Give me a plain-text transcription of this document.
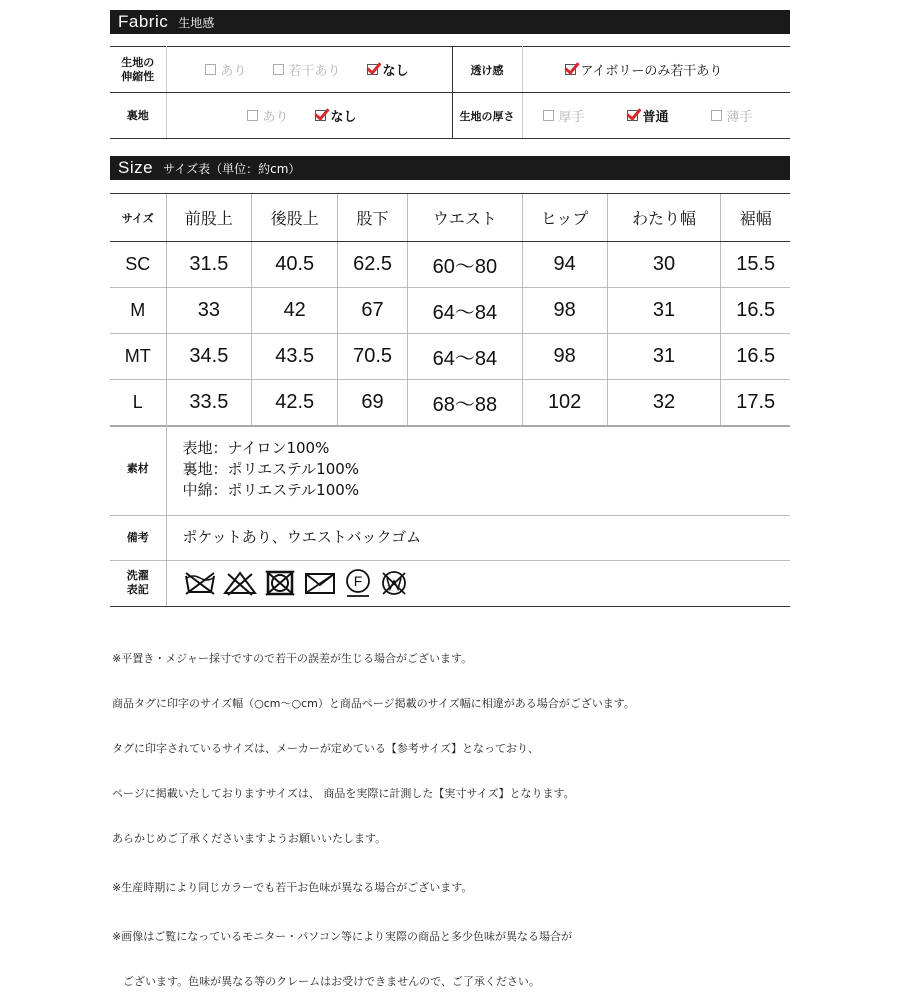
Fabric 生地感
生地の
伸縮性	あり 若干あり なし	透け感	アイボリーのみ若干あり

裏地	あり なし	生地の厚さ	厚手 普通 薄手
Size サイズ表（単位：約cm）
サイズ	前股上	後股上	股下	ウエスト	ヒップ	わたり幅	裾幅
SC	31.5	40.5	62.5	60〜80	94	30	15.5
M	33	42	67	64〜84	98	31	16.5
MT	34.5	43.5	70.5	64〜84	98	31	16.5
L	33.5	42.5	69	68〜88	102	32	17.5
素材	表地：ナイロン100%
裏地：ポリエステル100%
中綿：ポリエステル100%

備考	ポケットあり、ウエストバックゴム
洗濯
表記	F

※平置き・メジャー採寸ですので若干の誤差が生じる場合がございます。

商品タグに印字のサイズ幅（○cm〜○cm）と商品ページ掲載のサイズ幅に相違がある場合がございます。

タグに印字されているサイズは、メーカーが定めている【参考サイズ】となっており、

ページに掲載いたしておりますサイズは、 商品を実際に計測した【実寸サイズ】となります。

あらかじめご了承くださいますようお願いいたします。

※生産時期により同じカラーでも若干お色味が異なる場合がございます。

※画像はご覧になっているモニター・パソコン等により実際の商品と多少色味が異なる場合が

　ございます。色味が異なる等のクレームはお受けできませんので、ご了承ください。
